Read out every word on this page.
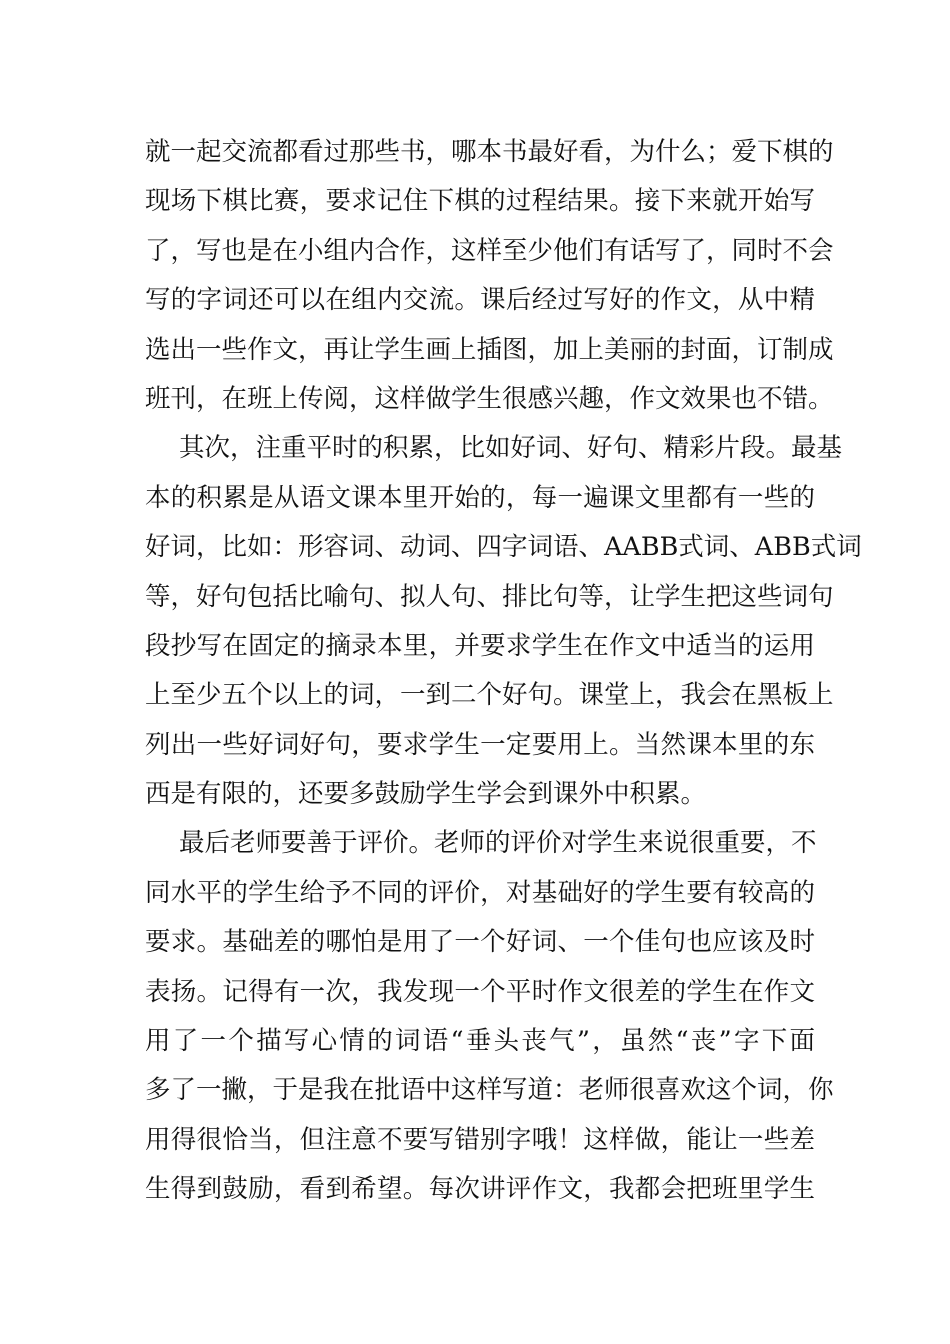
就一起交流都看过那些书，哪本书最好看，为什么；爱下棋的
现场下棋比赛，要求记住下棋的过程结果。接下来就开始写
了，写也是在小组内合作，这样至少他们有话写了，同时不会
写的字词还可以在组内交流。课后经过写好的作文，从中精
选出一些作文，再让学生画上插图，加上美丽的封面，订制成
班刊，在班上传阅，这样做学生很感兴趣，作文效果也不错。
其次，注重平时的积累，比如好词、好句、精彩片段。最基
本的积累是从语文课本里开始的，每一遍课文里都有一些的
好词，比如：形容词、动词、四字词语、AABB式词、ABB式词
等，好句包括比喻句、拟人句、排比句等，让学生把这些词句
段抄写在固定的摘录本里，并要求学生在作文中适当的运用
上至少五个以上的词，一到二个好句。课堂上，我会在黑板上
列出一些好词好句，要求学生一定要用上。当然课本里的东
西是有限的，还要多鼓励学生学会到课外中积累。
最后老师要善于评价。老师的评价对学生来说很重要，不
同水平的学生给予不同的评价，对基础好的学生要有较高的
要求。基础差的哪怕是用了一个好词、一个佳句也应该及时
表扬。记得有一次，我发现一个平时作文很差的学生在作文
用了一个描写心情的词语“垂头丧气”，虽然“丧”字下面
多了一撇，于是我在批语中这样写道：老师很喜欢这个词，你
用得很恰当，但注意不要写错别字哦！这样做，能让一些差
生得到鼓励，看到希望。每次讲评作文，我都会把班里学生
